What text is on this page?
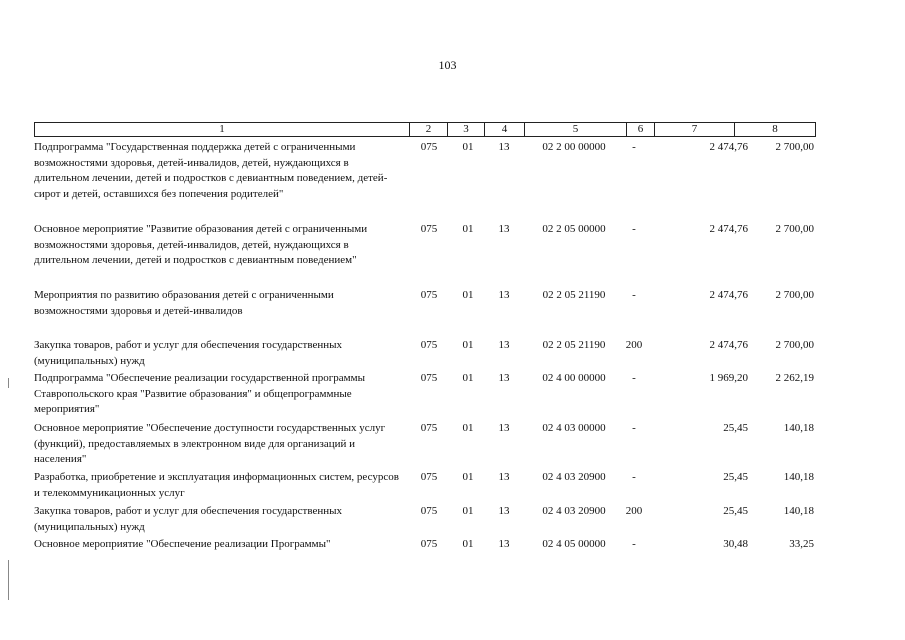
103
1	2	3	4	5	6	7	8
Подпрограмма "Государственная поддержка детей с ограниченными возможностями здоровья, детей-инвалидов, детей, нуждающихся в длительном лечении, детей и подростков с девиантным поведением, детей-сирот и детей, оставшихся без попечения родителей"
075	01	13	02 2 00 00000	-	2 474,76	2 700,00
Основное мероприятие "Развитие образования детей с ограниченными возможностями здоровья, детей-инвалидов, детей, нуждающихся в длительном лечении, детей и подростков с девиантным поведением"
075	01	13	02 2 05 00000	-	2 474,76	2 700,00
Мероприятия по развитию образования детей с ограниченными возможностями здоровья и детей-инвалидов
075	01	13	02 2 05 21190	-	2 474,76	2 700,00
Закупка товаров, работ и услуг для обеспечения государственных (муниципальных) нужд
075	01	13	02 2 05 21190	200	2 474,76	2 700,00
Подпрограмма "Обеспечение реализации государственной программы Ставропольского края "Развитие образования" и общепрограммные мероприятия"
075	01	13	02 4 00 00000	-	1 969,20	2 262,19
Основное мероприятие "Обеспечение доступности государственных услуг (функций), предоставляемых в электронном виде для организаций и населения"
075	01	13	02 4 03 00000	-	25,45	140,18
Разработка, приобретение и эксплуатация информационных систем, ресурсов и телекоммуникационных услуг
075	01	13	02 4 03 20900	-	25,45	140,18
Закупка товаров, работ и услуг для обеспечения государственных (муниципальных) нужд
075	01	13	02 4 03 20900	200	25,45	140,18
Основное мероприятие "Обеспечение реализации Программы"	075	01	13	02 4 05 00000	-	30,48	33,25
